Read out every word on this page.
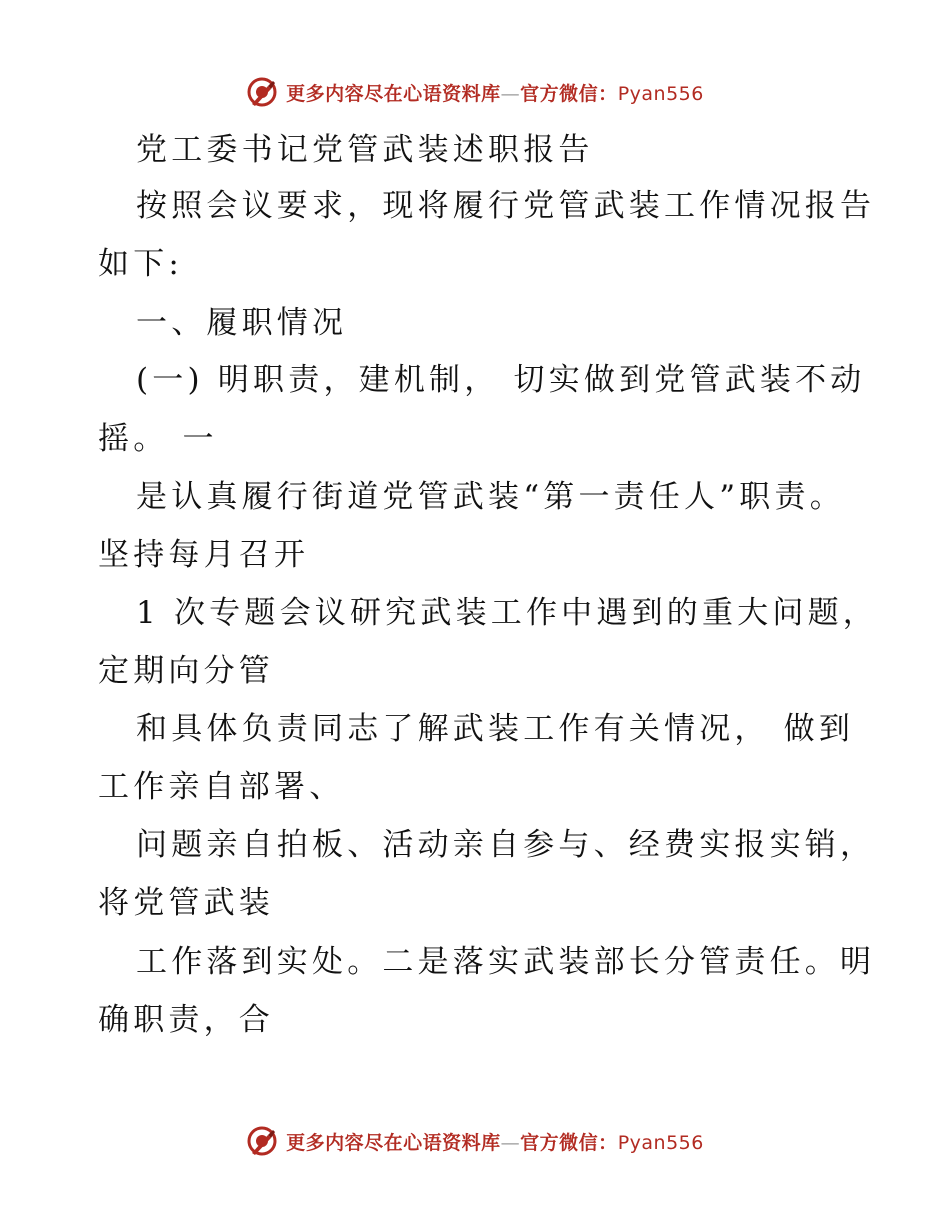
更多内容尽在心语资料库—官方微信：Pyan556
党工委书记党管武装述职报告
按照会议要求，现将履行党管武装工作情况报告
如下:
一、履职情况
(一) 明职责，建机制， 切实做到党管武装不动
摇。 一
是认真履行街道党管武装“第一责任人”职责。
坚持每月召开
1 次专题会议研究武装工作中遇到的重大问题，
定期向分管
和具体负责同志了解武装工作有关情况， 做到
工作亲自部署、
问题亲自拍板、活动亲自参与、经费实报实销，
将党管武装
工作落到实处。二是落实武装部长分管责任。明
确职责，合
更多内容尽在心语资料库—官方微信：Pyan556
